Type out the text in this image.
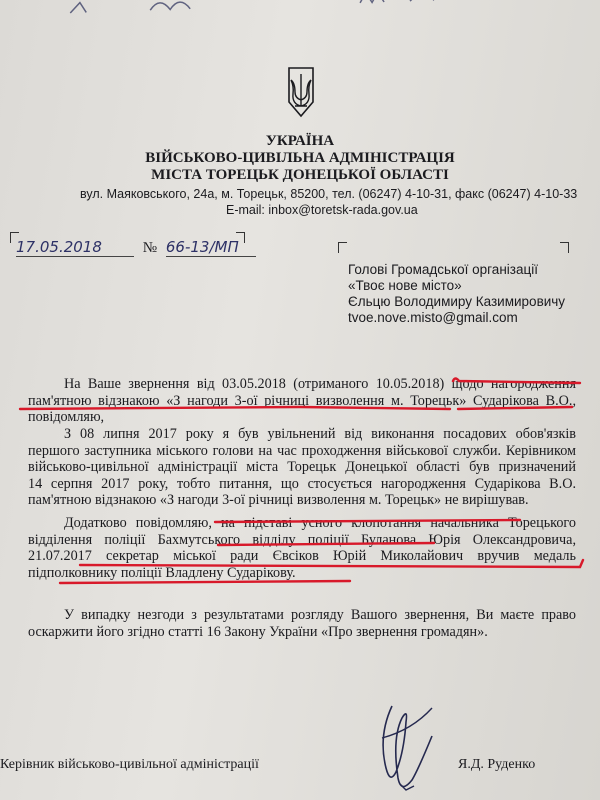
УКРАЇНА
ВІЙСЬКОВО-ЦИВІЛЬНА АДМІНІСТРАЦІЯ
МІСТА ТОРЕЦЬК ДОНЕЦЬКОЇ ОБЛАСТІ
вул. Маяковського, 24а, м. Торецьк, 85200, тел. (06247) 4-10-31, факс (06247) 4-10-33
E-mail: inbox@toretsk-rada.gov.ua
17.05.2018	№ 66-13/МП
Голові Громадської організації
«Твоє нове місто»
Єльцю Володимиру Казимировичу
tvoe.nove.misto@gmail.com
На Ваше звернення від 03.05.2018 (отриманого 10.05.2018) щодо нагородження
пам'ятною відзнакою «З нагоди 3-ої річниці визволення м. Торецьк» Сударікова В.О.,
повідомляю,
З 08 липня 2017 року я був увільнений від виконання посадових обов'язків
першого заступника міського голови на час проходження військової служби. Керівником
військово-цивільної адміністрації міста Торецьк Донецької області був призначений
14 серпня 2017 року, тобто питання, що стосується нагородження Сударікова В.О.
пам'ятною відзнакою «З нагоди 3-ої річниці визволення м. Торецьк» не вирішував.
Додатково повідомляю, на підставі усного клопотання начальника Торецького
відділення поліції Бахмутського відділу поліції Буланова Юрія Олександровича,
21.07.2017 секретар міської ради Євсіков Юрій Миколайович вручив медаль
підполковнику поліції Владлену Сударікову.
У випадку незгоди з результатами розгляду Вашого звернення, Ви маєте право
оскаржити його згідно статті 16 Закону України «Про звернення громадян».
Керівник військово-цивільної адміністрації	Я.Д. Руденко
